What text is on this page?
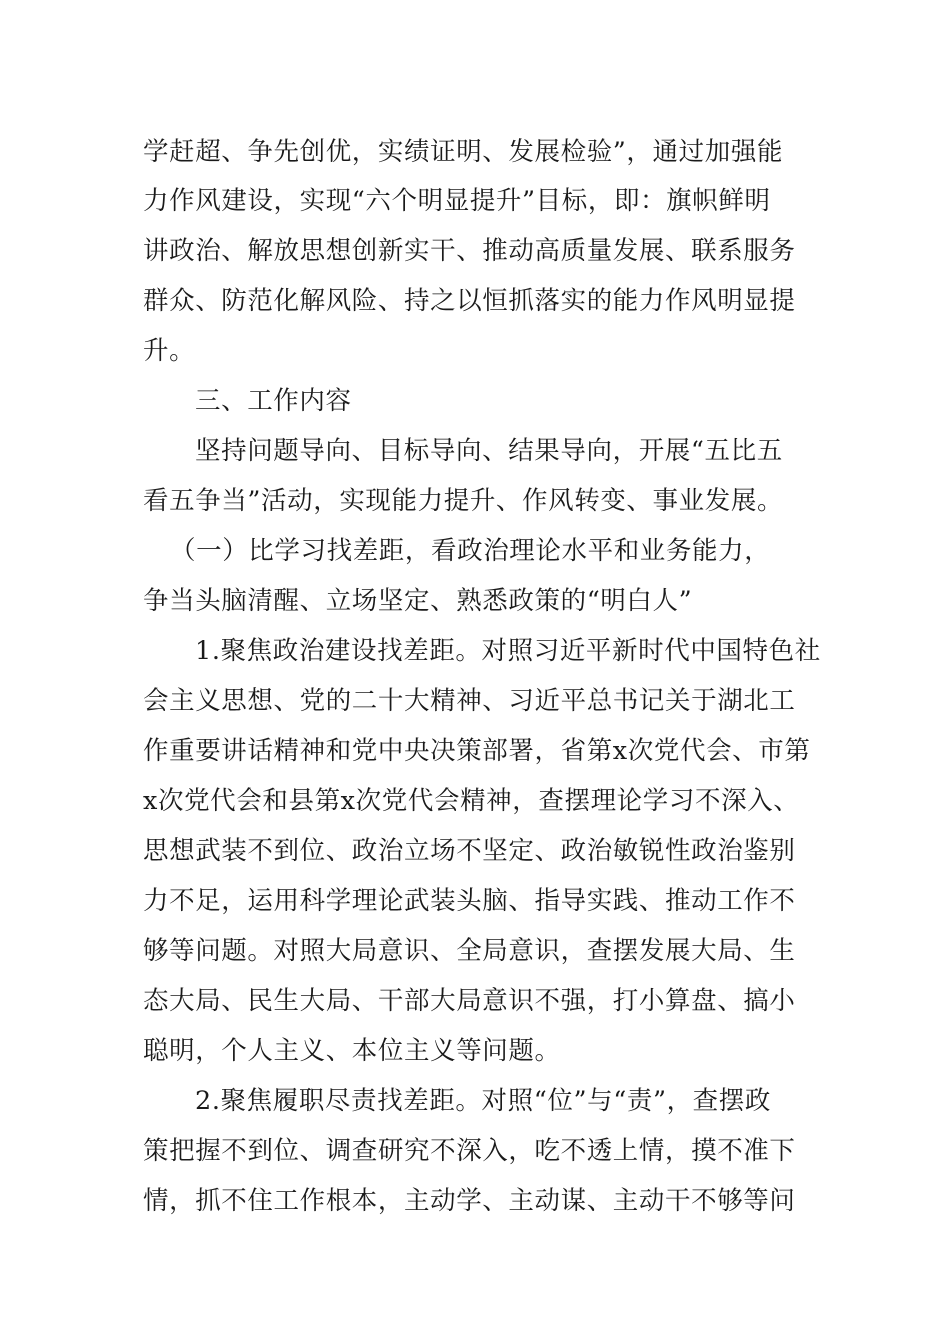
学赶超、争先创优，实绩证明、发展检验”，通过加强能
力作风建设，实现“六个明显提升”目标，即：旗帜鲜明
讲政治、解放思想创新实干、推动高质量发展、联系服务
群众、防范化解风险、持之以恒抓落实的能力作风明显提
升。
三、工作内容
坚持问题导向、目标导向、结果导向，开展“五比五
看五争当”活动，实现能力提升、作风转变、事业发展。
（一）比学习找差距，看政治理论水平和业务能力，
争当头脑清醒、立场坚定、熟悉政策的“明白人”
1.聚焦政治建设找差距。对照习近平新时代中国特色社
会主义思想、党的二十大精神、习近平总书记关于湖北工
作重要讲话精神和党中央决策部署，省第x次党代会、市第
x次党代会和县第x次党代会精神，查摆理论学习不深入、
思想武装不到位、政治立场不坚定、政治敏锐性政治鉴别
力不足，运用科学理论武装头脑、指导实践、推动工作不
够等问题。对照大局意识、全局意识，查摆发展大局、生
态大局、民生大局、干部大局意识不强，打小算盘、搞小
聪明，个人主义、本位主义等问题。
2.聚焦履职尽责找差距。对照“位”与“责”，查摆政
策把握不到位、调查研究不深入，吃不透上情，摸不准下
情，抓不住工作根本，主动学、主动谋、主动干不够等问
